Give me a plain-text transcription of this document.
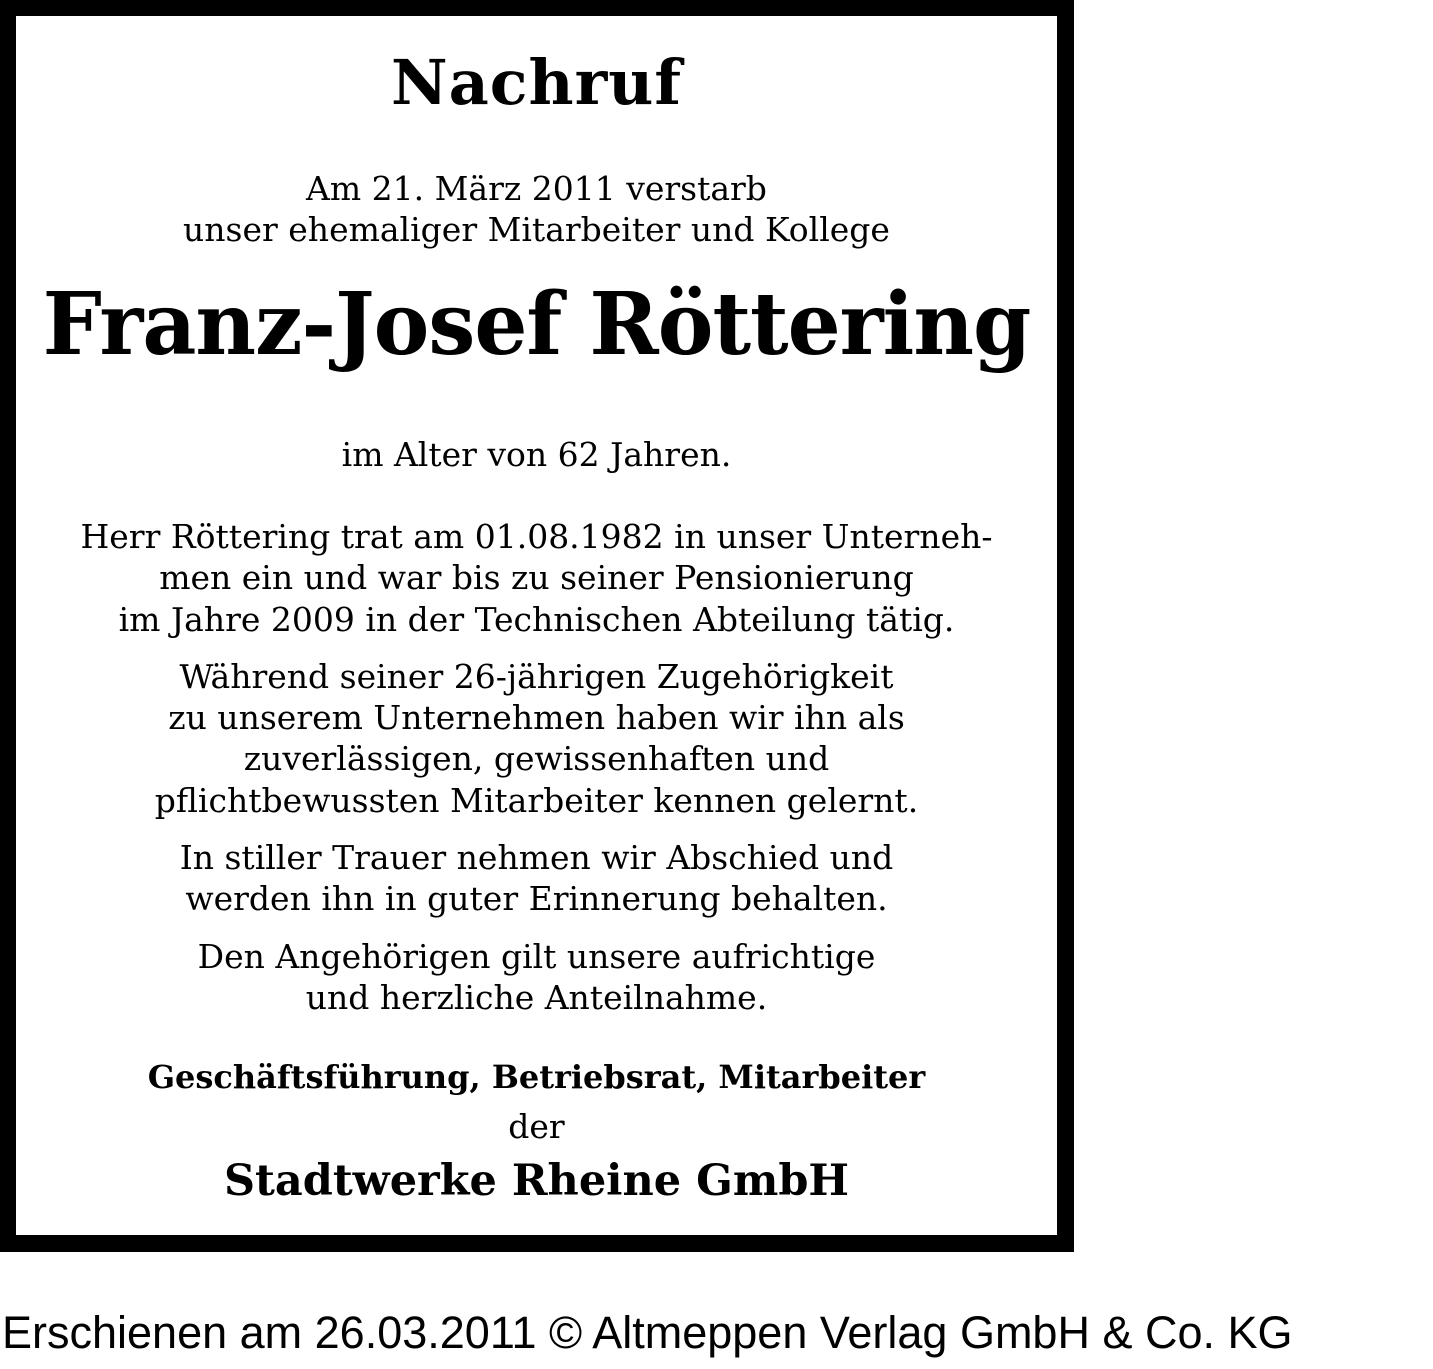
Nachruf
Am 21. März 2011 verstarb
unser ehemaliger Mitarbeiter und Kollege
Franz-Josef Röttering
im Alter von 62 Jahren.
Herr Röttering trat am 01.08.1982 in unser Unterneh-
men ein und war bis zu seiner Pensionierung
im Jahre 2009 in der Technischen Abteilung tätig.
Während seiner 26-jährigen Zugehörigkeit
zu unserem Unternehmen haben wir ihn als
zuverlässigen, gewissenhaften und
pflichtbewussten Mitarbeiter kennen gelernt.
In stiller Trauer nehmen wir Abschied und
werden ihn in guter Erinnerung behalten.
Den Angehörigen gilt unsere aufrichtige
und herzliche Anteilnahme.
Geschäftsführung, Betriebsrat, Mitarbeiter
der
Stadtwerke Rheine GmbH
Erschienen am 26.03.2011 © Altmeppen Verlag GmbH & Co. KG
